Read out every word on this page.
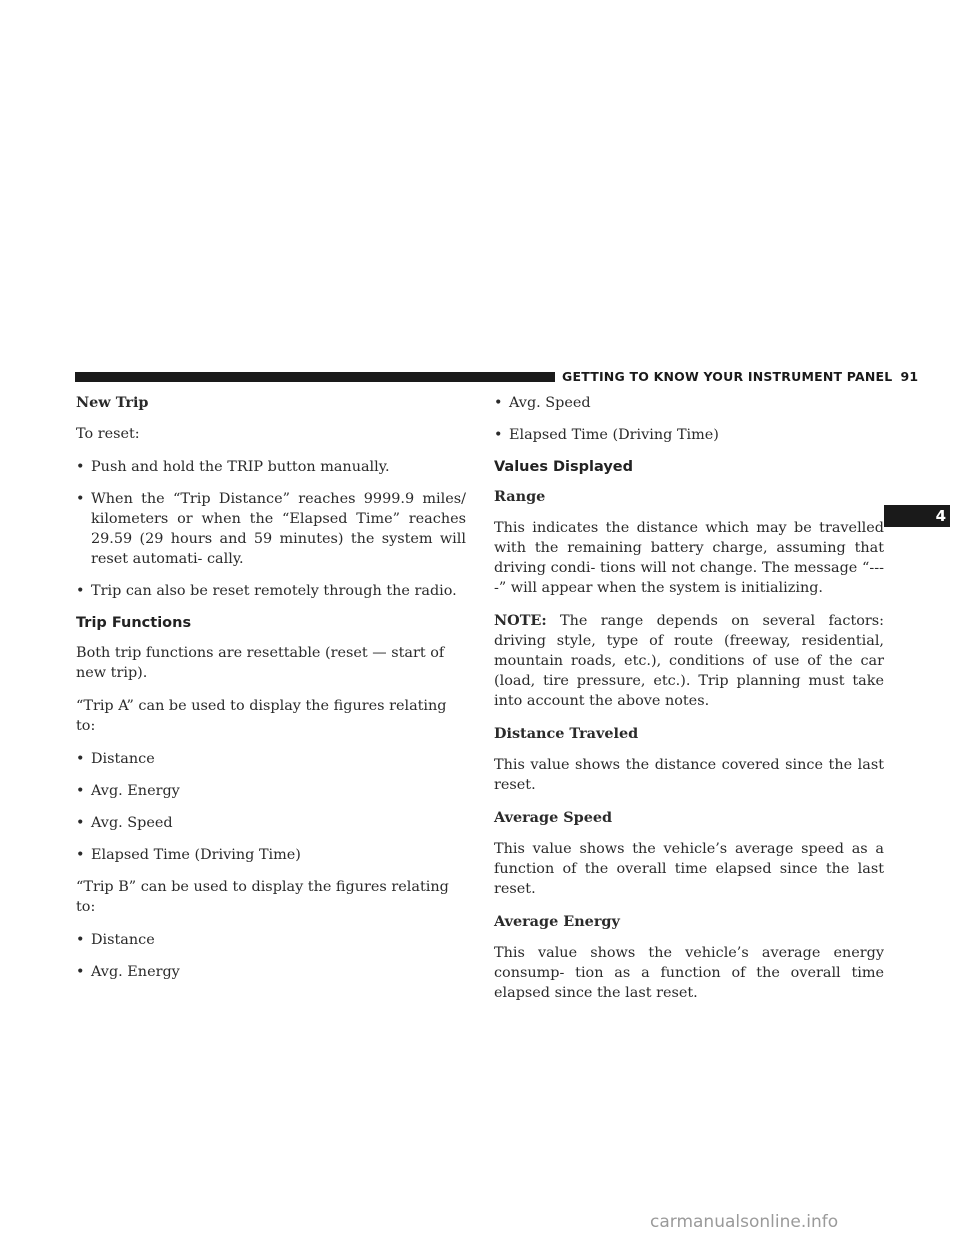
GETTING TO KNOW YOUR INSTRUMENT PANEL 91
4
New Trip
To reset:
• Push and hold the TRIP button manually.
• When the “Trip Distance” reaches 9999.9 miles/ kilometers or when the “Elapsed Time” reaches 29.59 (29 hours and 59 minutes) the system will reset automati- cally.
• Trip can also be reset remotely through the radio.
Trip Functions
Both trip functions are resettable (reset — start of new trip).
“Trip A” can be used to display the figures relating to:
• Distance
• Avg. Energy
• Avg. Speed
• Elapsed Time (Driving Time)
“Trip B” can be used to display the figures relating to:
• Distance
• Avg. Energy
• Avg. Speed
• Elapsed Time (Driving Time)
Values Displayed
Range
This indicates the distance which may be travelled with the remaining battery charge, assuming that driving condi- tions will not change. The message “----” will appear when the system is initializing.
NOTE: The range depends on several factors: driving style, type of route (freeway, residential, mountain roads, etc.), conditions of use of the car (load, tire pressure, etc.). Trip planning must take into account the above notes.
Distance Traveled
This value shows the distance covered since the last reset.
Average Speed
This value shows the vehicle’s average speed as a function of the overall time elapsed since the last reset.
Average Energy
This value shows the vehicle’s average energy consump- tion as a function of the overall time elapsed since the last reset.
carmanualsonline.info
